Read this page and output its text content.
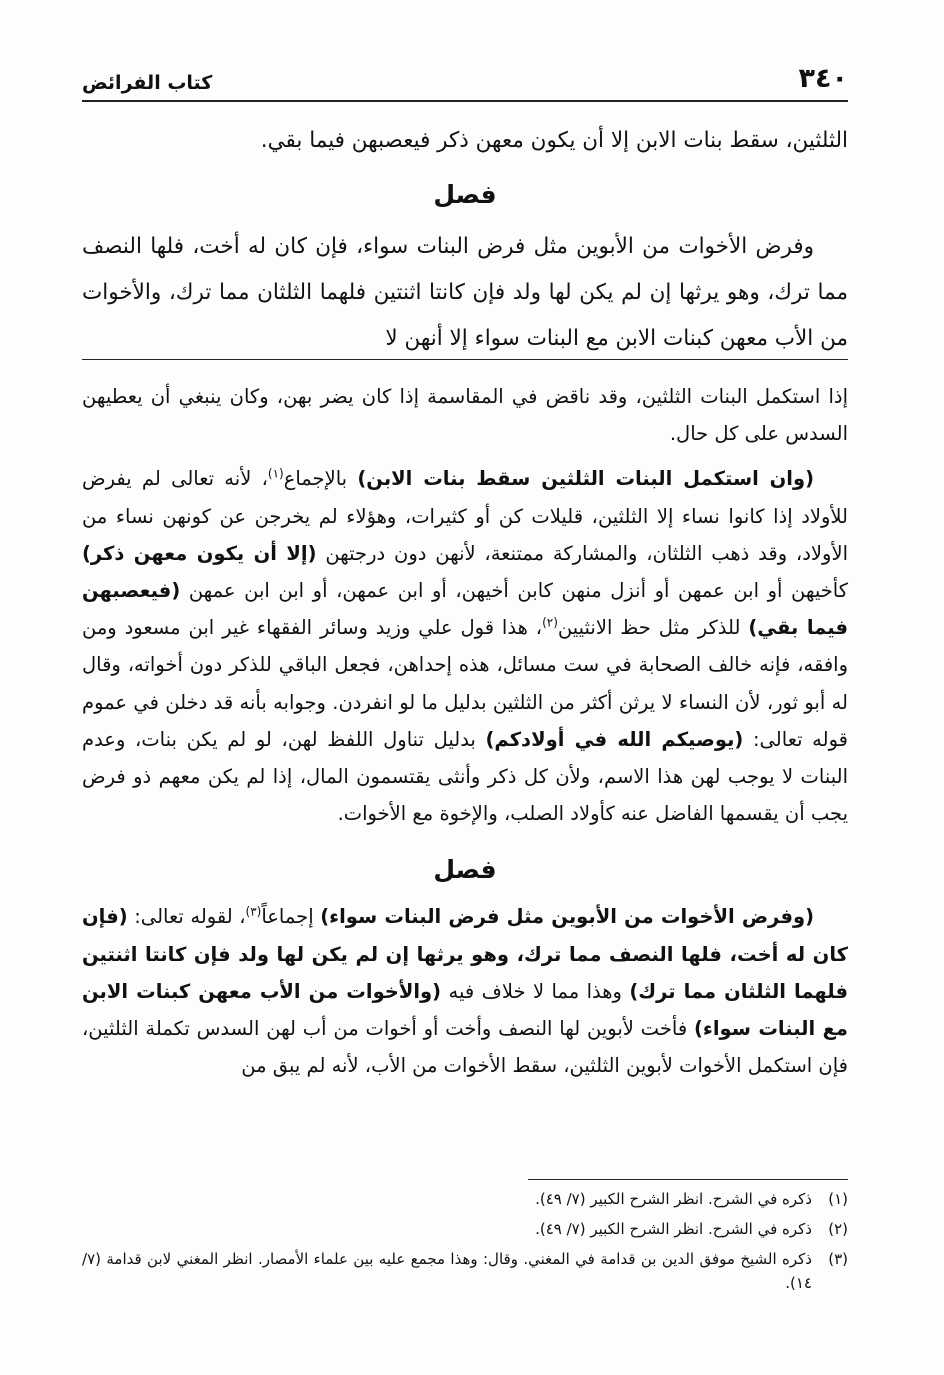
٣٤٠
كتاب الفرائض

الثلثين، سقط بنات الابن إلا أن يكون معهن ذكر فيعصبهن فيما بقي.

فصل

وفرض الأخوات من الأبوين مثل فرض البنات سواء، فإن كان له أخت، فلها النصف مما ترك، وهو يرثها إن لم يكن لها ولد فإن كانتا اثنتين فلهما الثلثان مما ترك، والأخوات من الأب معهن كبنات الابن مع البنات سواء إلا أنهن لا

إذا استكمل البنات الثلثين، وقد ناقض في المقاسمة إذا كان يضر بهن، وكان ينبغي أن يعطيهن السدس على كل حال.

(وان استكمل البنات الثلثين سقط بنات الابن) بالإجماع$^{(١)}$، لأنه تعالى لم يفرض للأولاد إذا كانوا نساء إلا الثلثين، قليلات كن أو كثيرات، وهؤلاء لم يخرجن عن كونهن نساء من الأولاد، وقد ذهب الثلثان، والمشاركة ممتنعة، لأنهن دون درجتهن (إلا أن يكون معهن ذكر) كأخيهن أو ابن عمهن أو أنزل منهن كابن أخيهن، أو ابن عمهن، أو ابن ابن عمهن (فيعصبهن فيما بقي) للذكر مثل حظ الانثيين$^{(٢)}$، هذا قول علي وزيد وسائر الفقهاء غير ابن مسعود ومن وافقه، فإنه خالف الصحابة في ست مسائل، هذه إحداهن، فجعل الباقي للذكر دون أخواته، وقال له أبو ثور، لأن النساء لا يرثن أكثر من الثلثين بدليل ما لو انفردن. وجوابه بأنه قد دخلن في عموم قوله تعالى: (يوصيكم الله في أولادكم) بدليل تناول اللفظ لهن، لو لم يكن بنات، وعدم البنات لا يوجب لهن هذا الاسم، ولأن كل ذكر وأنثى يقتسمون المال، إذا لم يكن معهم ذو فرض يجب أن يقسمها الفاضل عنه كأولاد الصلب، والإخوة مع الأخوات.

فصل

(وفرض الأخوات من الأبوين مثل فرض البنات سواء) إجماعاً$^{(٣)}$، لقوله تعالى: (فإن كان له أخت، فلها النصف مما ترك، وهو يرثها إن لم يكن لها ولد فإن كانتا اثنتين فلهما الثلثان مما ترك) وهذا مما لا خلاف فيه (والأخوات من الأب معهن كبنات الابن مع البنات سواء) فأخت لأبوين لها النصف وأخت أو أخوات من أب لهن السدس تكملة الثلثين، فإن استكمل الأخوات لأبوين الثلثين، سقط الأخوات من الأب، لأنه لم يبق من

(١)
ذكره في الشرح. انظر الشرح الكبير (٧/ ٤٩).
(٢)
ذكره في الشرح. انظر الشرح الكبير (٧/ ٤٩).
(٣)
ذكره الشيخ موفق الدين بن قدامة في المغني. وقال: وهذا مجمع عليه بين علماء الأمصار. انظر المغني لابن قدامة (٧/ ١٤).
